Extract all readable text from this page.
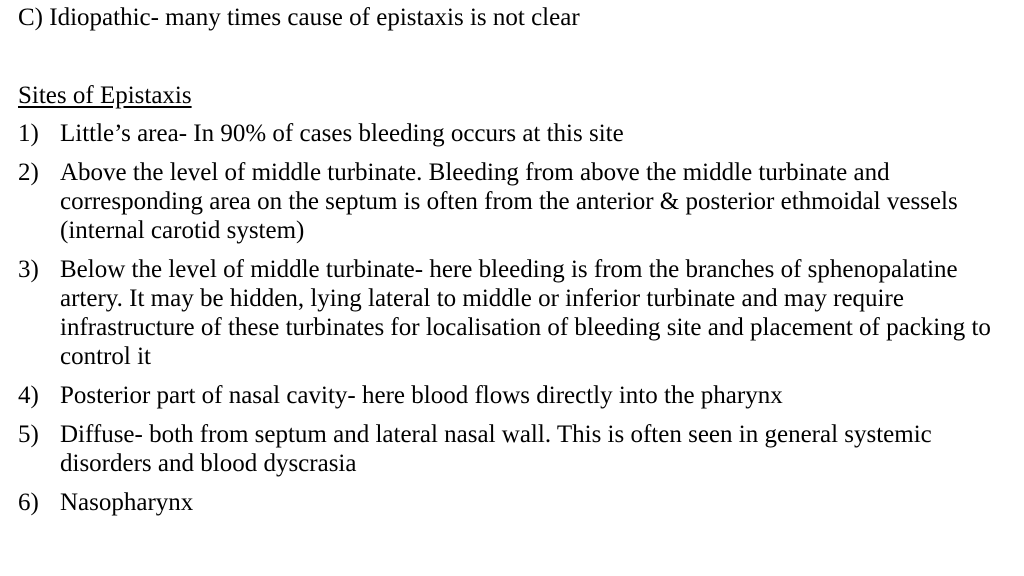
C) Idiopathic- many times cause of epistaxis is not clear
Sites of Epistaxis
1) Little’s area- In 90% of cases bleeding occurs at this site
2) Above the level of middle turbinate. Bleeding from above the middle turbinate and corresponding area on the septum is often from the anterior & posterior ethmoidal vessels (internal carotid system)
3) Below the level of middle turbinate- here bleeding is from the branches of sphenopalatine artery. It may be hidden, lying lateral to middle or inferior turbinate and may require infrastructure of these turbinates for localisation of bleeding site and placement of packing to control it
4) Posterior part of nasal cavity- here blood flows directly into the pharynx
5) Diffuse- both from septum and lateral nasal wall. This is often seen in general systemic disorders and blood dyscrasia
6) Nasopharynx
